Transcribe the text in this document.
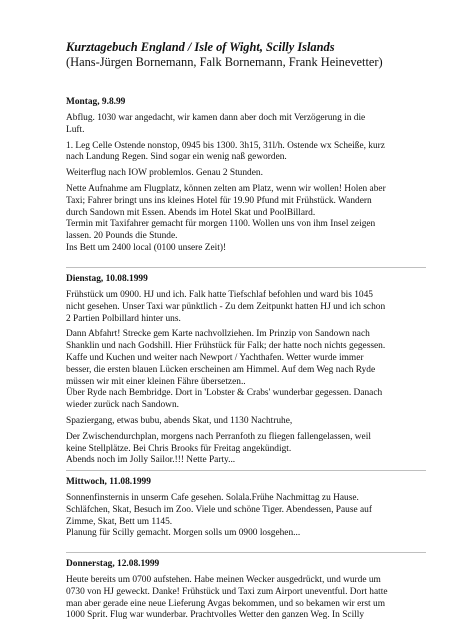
Kurztagebuch England / Isle of Wight, Scilly Islands
(Hans-Jürgen Bornemann, Falk Bornemann, Frank Heinevetter)
Montag, 9.8.99
Abflug. 1030 war angedacht, wir kamen dann aber doch mit Verzögerung in die
Luft.
1. Leg Celle Ostende nonstop, 0945 bis 1300. 3h15, 31l/h. Ostende wx Scheiße, kurz
nach Landung Regen. Sind sogar ein wenig naß geworden.
Weiterflug nach IOW problemlos. Genau 2 Stunden.
Nette Aufnahme am Flugplatz, können zelten am Platz, wenn wir wollen! Holen aber
Taxi; Fahrer bringt uns ins kleines Hotel für 19.90 Pfund mit Frühstück. Wandern
durch Sandown mit Essen. Abends im Hotel Skat und PoolBillard.
Termin mit Taxifahrer gemacht für morgen 1100. Wollen uns von ihm Insel zeigen
lassen. 20 Pounds die Stunde.
Ins Bett um 2400 local (0100 unsere Zeit)!
Dienstag, 10.08.1999
Frühstück um 0900. HJ und ich. Falk hatte Tiefschlaf befohlen und ward bis 1045
nicht gesehen. Unser Taxi war pünktlich - Zu dem Zeitpunkt hatten HJ und ich schon
2 Partien Polbillard hinter uns.
Dann Abfahrt! Strecke gem Karte nachvollziehen. Im Prinzip von Sandown nach
Shanklin und nach Godshill. Hier Frühstück für Falk; der hatte noch nichts gegessen.
Kaffe und Kuchen und weiter nach Newport / Yachthafen. Wetter wurde immer
besser, die ersten blauen Lücken erscheinen am Himmel. Auf dem Weg nach Ryde
müssen wir mit einer kleinen Fähre übersetzen..
Über Ryde nach Bembridge. Dort in 'Lobster & Crabs' wunderbar gegessen. Danach
wieder zurück nach Sandown.
Spaziergang, etwas bubu, abends Skat, und 1130 Nachtruhe,
Der Zwischendurchplan, morgens nach Perranfoth zu fliegen fallengelassen, weil
keine Stellplätze. Bei Chris Brooks für Freitag angekündigt.
Abends noch im Jolly Sailor.!!! Nette Party...
Mittwoch, 11.08.1999
Sonnenfinsternis in unserm Cafe gesehen. Solala.Frühe Nachmittag zu Hause.
Schläfchen, Skat, Besuch im Zoo. Viele und schöne Tiger. Abendessen, Pause auf
Zimme, Skat, Bett um 1145.
Planung für Scilly gemacht. Morgen solls um 0900 losgehen...
Donnerstag, 12.08.1999
Heute bereits um 0700 aufstehen. Habe meinen Wecker ausgedrückt, und wurde um
0730 von HJ geweckt. Danke! Frühstück und Taxi zum Airport uneventful. Dort hatte
man aber gerade eine neue Lieferung Avgas bekommen, und so bekamen wir erst um
1000 Sprit. Flug war wunderbar. Prachtvolles Wetter den ganzen Weg. In Scilly
